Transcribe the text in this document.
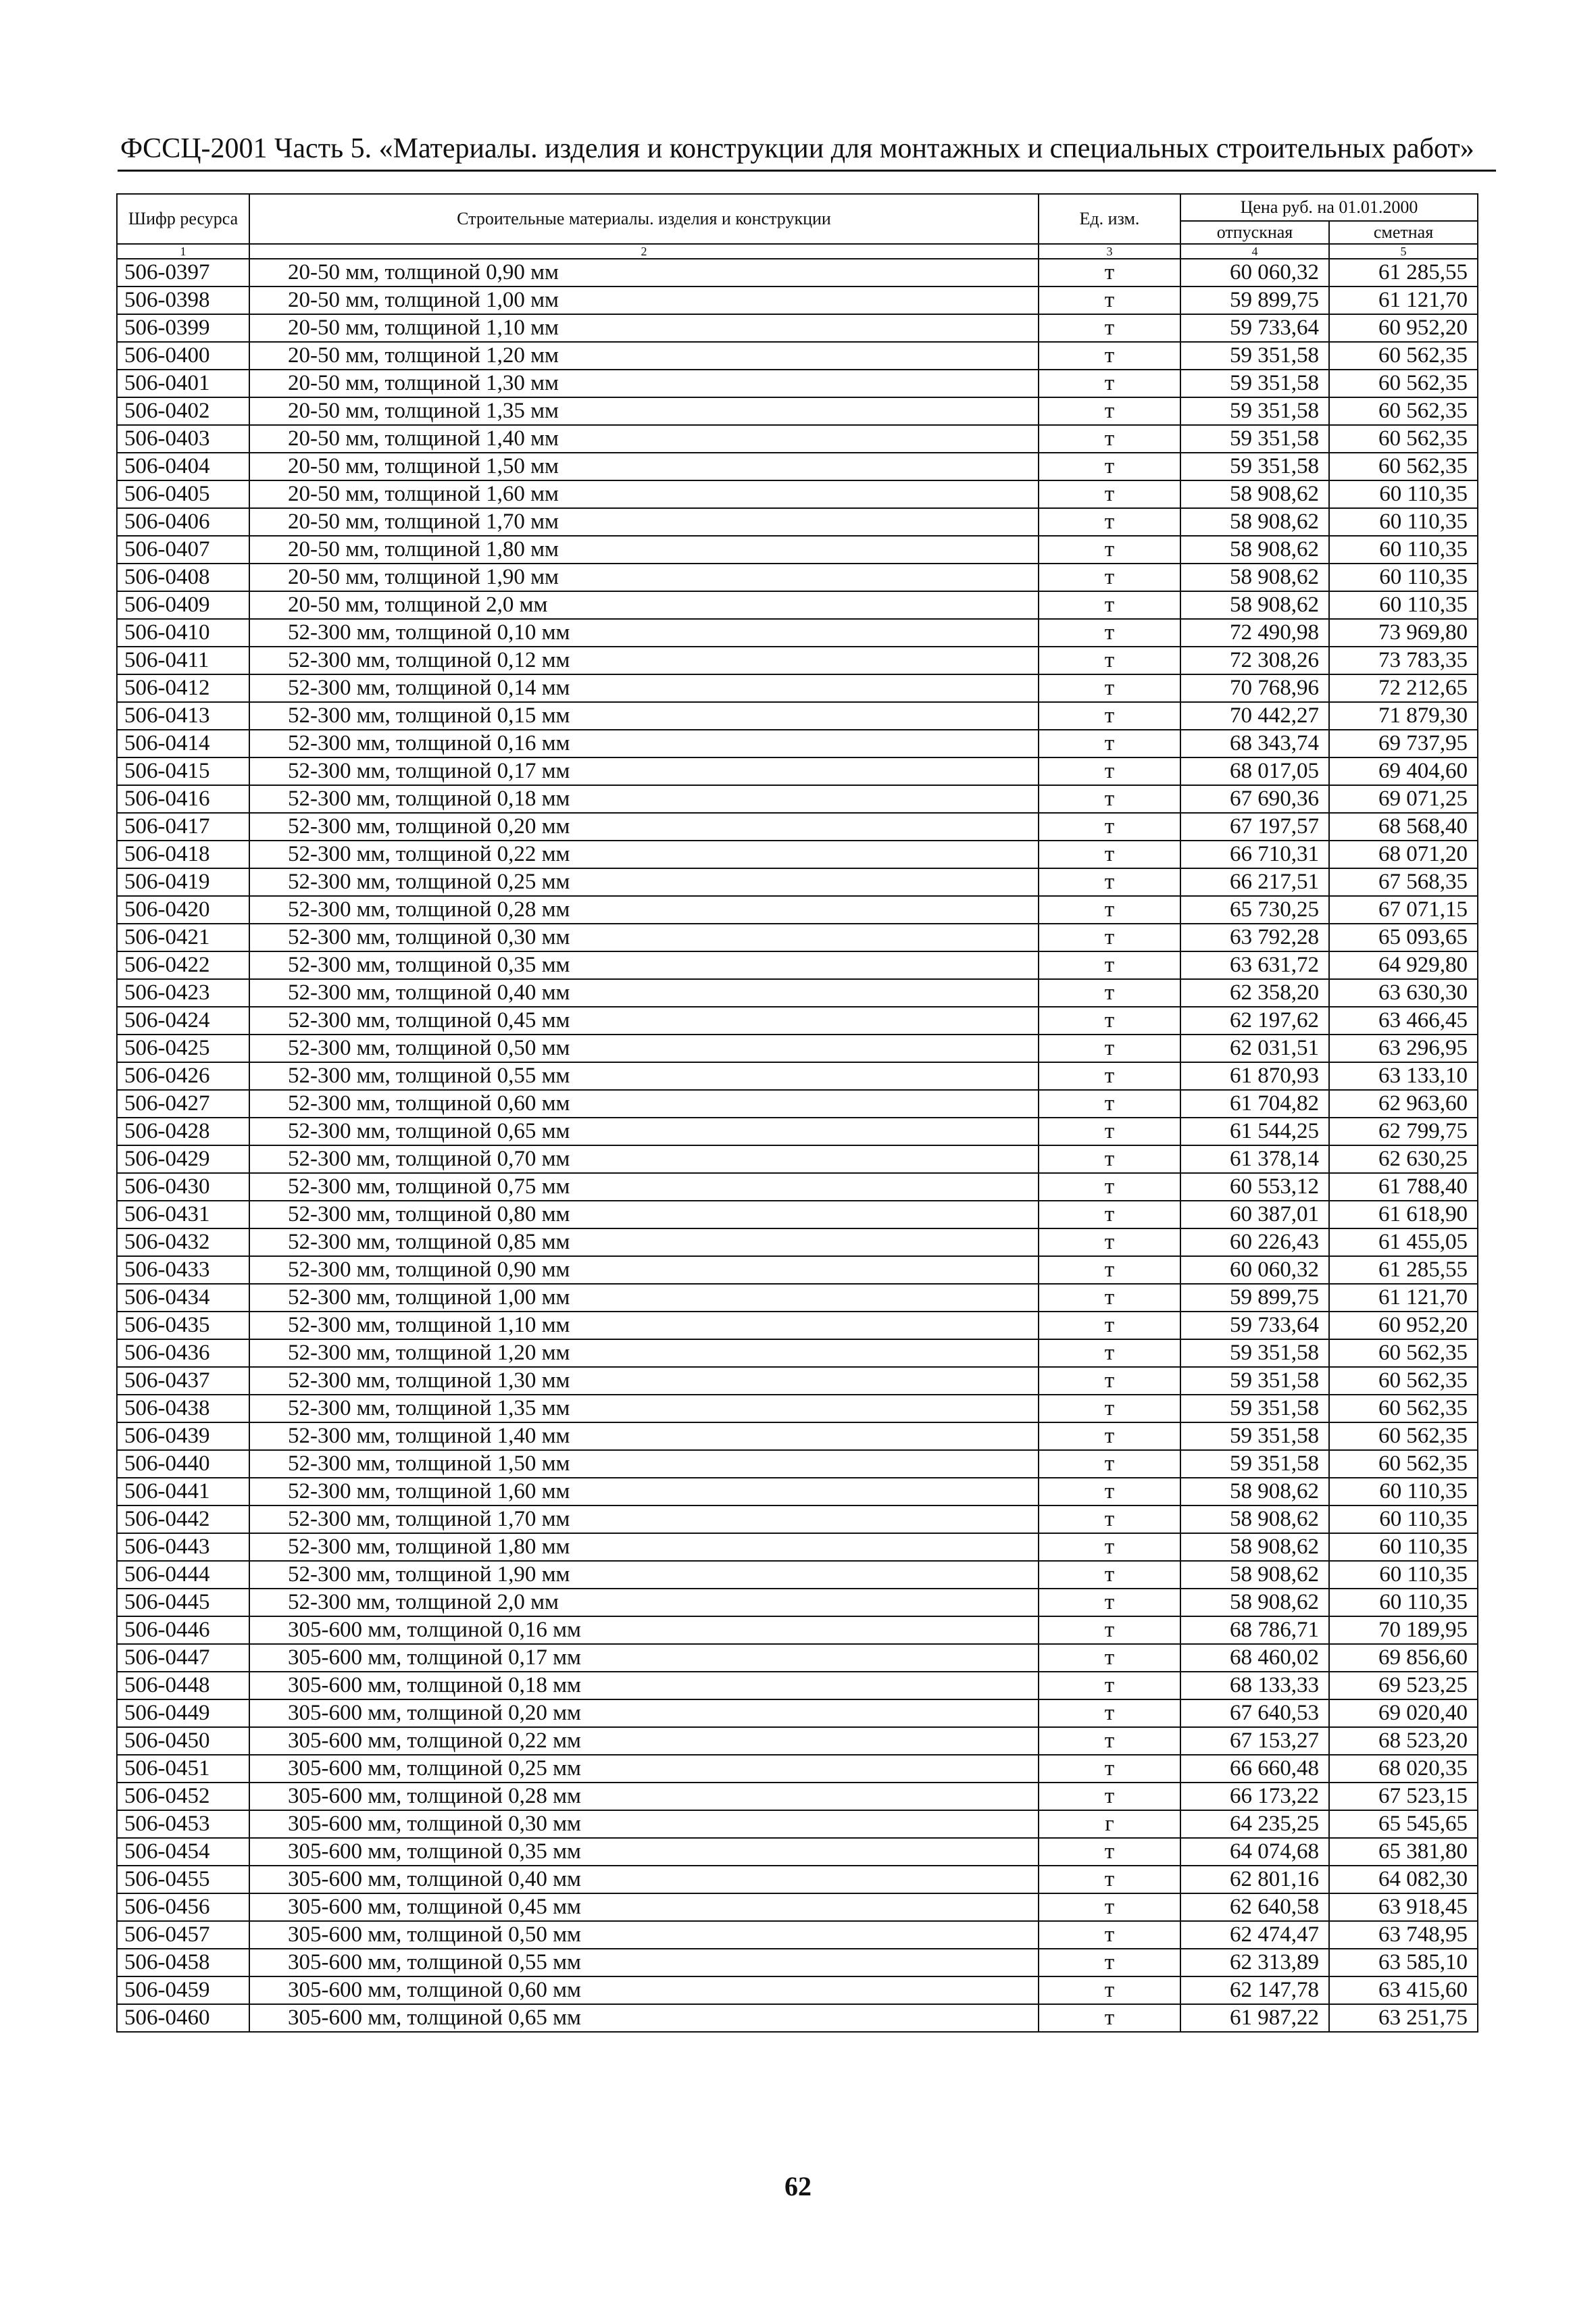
ФССЦ-2001 Часть 5. «Материалы. изделия и конструкции для монтажных и специальных строительных работ»
Шифр ресурса	Строительные материалы. изделия и конструкции	Ед. изм.	Цена руб. на 01.01.2000	
			отпускная	сметная
1	2	3	4	5
506-0397	20-50 мм, толщиной 0,90 мм	т	60 060,32	61 285,55
506-0398	20-50 мм, толщиной 1,00 мм	т	59 899,75	61 121,70
506-0399	20-50 мм, толщиной 1,10 мм	т	59 733,64	60 952,20
506-0400	20-50 мм, толщиной 1,20 мм	т	59 351,58	60 562,35
506-0401	20-50 мм, толщиной 1,30 мм	т	59 351,58	60 562,35
506-0402	20-50 мм, толщиной 1,35 мм	т	59 351,58	60 562,35
506-0403	20-50 мм, толщиной 1,40 мм	т	59 351,58	60 562,35
506-0404	20-50 мм, толщиной 1,50 мм	т	59 351,58	60 562,35
506-0405	20-50 мм, толщиной 1,60 мм	т	58 908,62	60 110,35
506-0406	20-50 мм, толщиной 1,70 мм	т	58 908,62	60 110,35
506-0407	20-50 мм, толщиной 1,80 мм	т	58 908,62	60 110,35
506-0408	20-50 мм, толщиной 1,90 мм	т	58 908,62	60 110,35
506-0409	20-50 мм, толщиной 2,0 мм	т	58 908,62	60 110,35
506-0410	52-300 мм, толщиной 0,10 мм	т	72 490,98	73 969,80
506-0411	52-300 мм, толщиной 0,12 мм	т	72 308,26	73 783,35
506-0412	52-300 мм, толщиной 0,14 мм	т	70 768,96	72 212,65
506-0413	52-300 мм, толщиной 0,15 мм	т	70 442,27	71 879,30
506-0414	52-300 мм, толщиной 0,16 мм	т	68 343,74	69 737,95
506-0415	52-300 мм, толщиной 0,17 мм	т	68 017,05	69 404,60
506-0416	52-300 мм, толщиной 0,18 мм	т	67 690,36	69 071,25
506-0417	52-300 мм, толщиной 0,20 мм	т	67 197,57	68 568,40
506-0418	52-300 мм, толщиной 0,22 мм	т	66 710,31	68 071,20
506-0419	52-300 мм, толщиной 0,25 мм	т	66 217,51	67 568,35
506-0420	52-300 мм, толщиной 0,28 мм	т	65 730,25	67 071,15
506-0421	52-300 мм, толщиной 0,30 мм	т	63 792,28	65 093,65
506-0422	52-300 мм, толщиной 0,35 мм	т	63 631,72	64 929,80
506-0423	52-300 мм, толщиной 0,40 мм	т	62 358,20	63 630,30
506-0424	52-300 мм, толщиной 0,45 мм	т	62 197,62	63 466,45
506-0425	52-300 мм, толщиной 0,50 мм	т	62 031,51	63 296,95
506-0426	52-300 мм, толщиной 0,55 мм	т	61 870,93	63 133,10
506-0427	52-300 мм, толщиной 0,60 мм	т	61 704,82	62 963,60
506-0428	52-300 мм, толщиной 0,65 мм	т	61 544,25	62 799,75
506-0429	52-300 мм, толщиной 0,70 мм	т	61 378,14	62 630,25
506-0430	52-300 мм, толщиной 0,75 мм	т	60 553,12	61 788,40
506-0431	52-300 мм, толщиной 0,80 мм	т	60 387,01	61 618,90
506-0432	52-300 мм, толщиной 0,85 мм	т	60 226,43	61 455,05
506-0433	52-300 мм, толщиной 0,90 мм	т	60 060,32	61 285,55
506-0434	52-300 мм, толщиной 1,00 мм	т	59 899,75	61 121,70
506-0435	52-300 мм, толщиной 1,10 мм	т	59 733,64	60 952,20
506-0436	52-300 мм, толщиной 1,20 мм	т	59 351,58	60 562,35
506-0437	52-300 мм, толщиной 1,30 мм	т	59 351,58	60 562,35
506-0438	52-300 мм, толщиной 1,35 мм	т	59 351,58	60 562,35
506-0439	52-300 мм, толщиной 1,40 мм	т	59 351,58	60 562,35
506-0440	52-300 мм, толщиной 1,50 мм	т	59 351,58	60 562,35
506-0441	52-300 мм, толщиной 1,60 мм	т	58 908,62	60 110,35
506-0442	52-300 мм, толщиной 1,70 мм	т	58 908,62	60 110,35
506-0443	52-300 мм, толщиной 1,80 мм	т	58 908,62	60 110,35
506-0444	52-300 мм, толщиной 1,90 мм	т	58 908,62	60 110,35
506-0445	52-300 мм, толщиной 2,0 мм	т	58 908,62	60 110,35
506-0446	305-600 мм, толщиной 0,16 мм	т	68 786,71	70 189,95
506-0447	305-600 мм, толщиной 0,17 мм	т	68 460,02	69 856,60
506-0448	305-600 мм, толщиной 0,18 мм	т	68 133,33	69 523,25
506-0449	305-600 мм, толщиной 0,20 мм	т	67 640,53	69 020,40
506-0450	305-600 мм, толщиной 0,22 мм	т	67 153,27	68 523,20
506-0451	305-600 мм, толщиной 0,25 мм	т	66 660,48	68 020,35
506-0452	305-600 мм, толщиной 0,28 мм	т	66 173,22	67 523,15
506-0453	305-600 мм, толщиной 0,30 мм	г	64 235,25	65 545,65
506-0454	305-600 мм, толщиной 0,35 мм	т	64 074,68	65 381,80
506-0455	305-600 мм, толщиной 0,40 мм	т	62 801,16	64 082,30
506-0456	305-600 мм, толщиной 0,45 мм	т	62 640,58	63 918,45
506-0457	305-600 мм, толщиной 0,50 мм	т	62 474,47	63 748,95
506-0458	305-600 мм, толщиной 0,55 мм	т	62 313,89	63 585,10
506-0459	305-600 мм, толщиной 0,60 мм	т	62 147,78	63 415,60
506-0460	305-600 мм, толщиной 0,65 мм	т	61 987,22	63 251,75
62
